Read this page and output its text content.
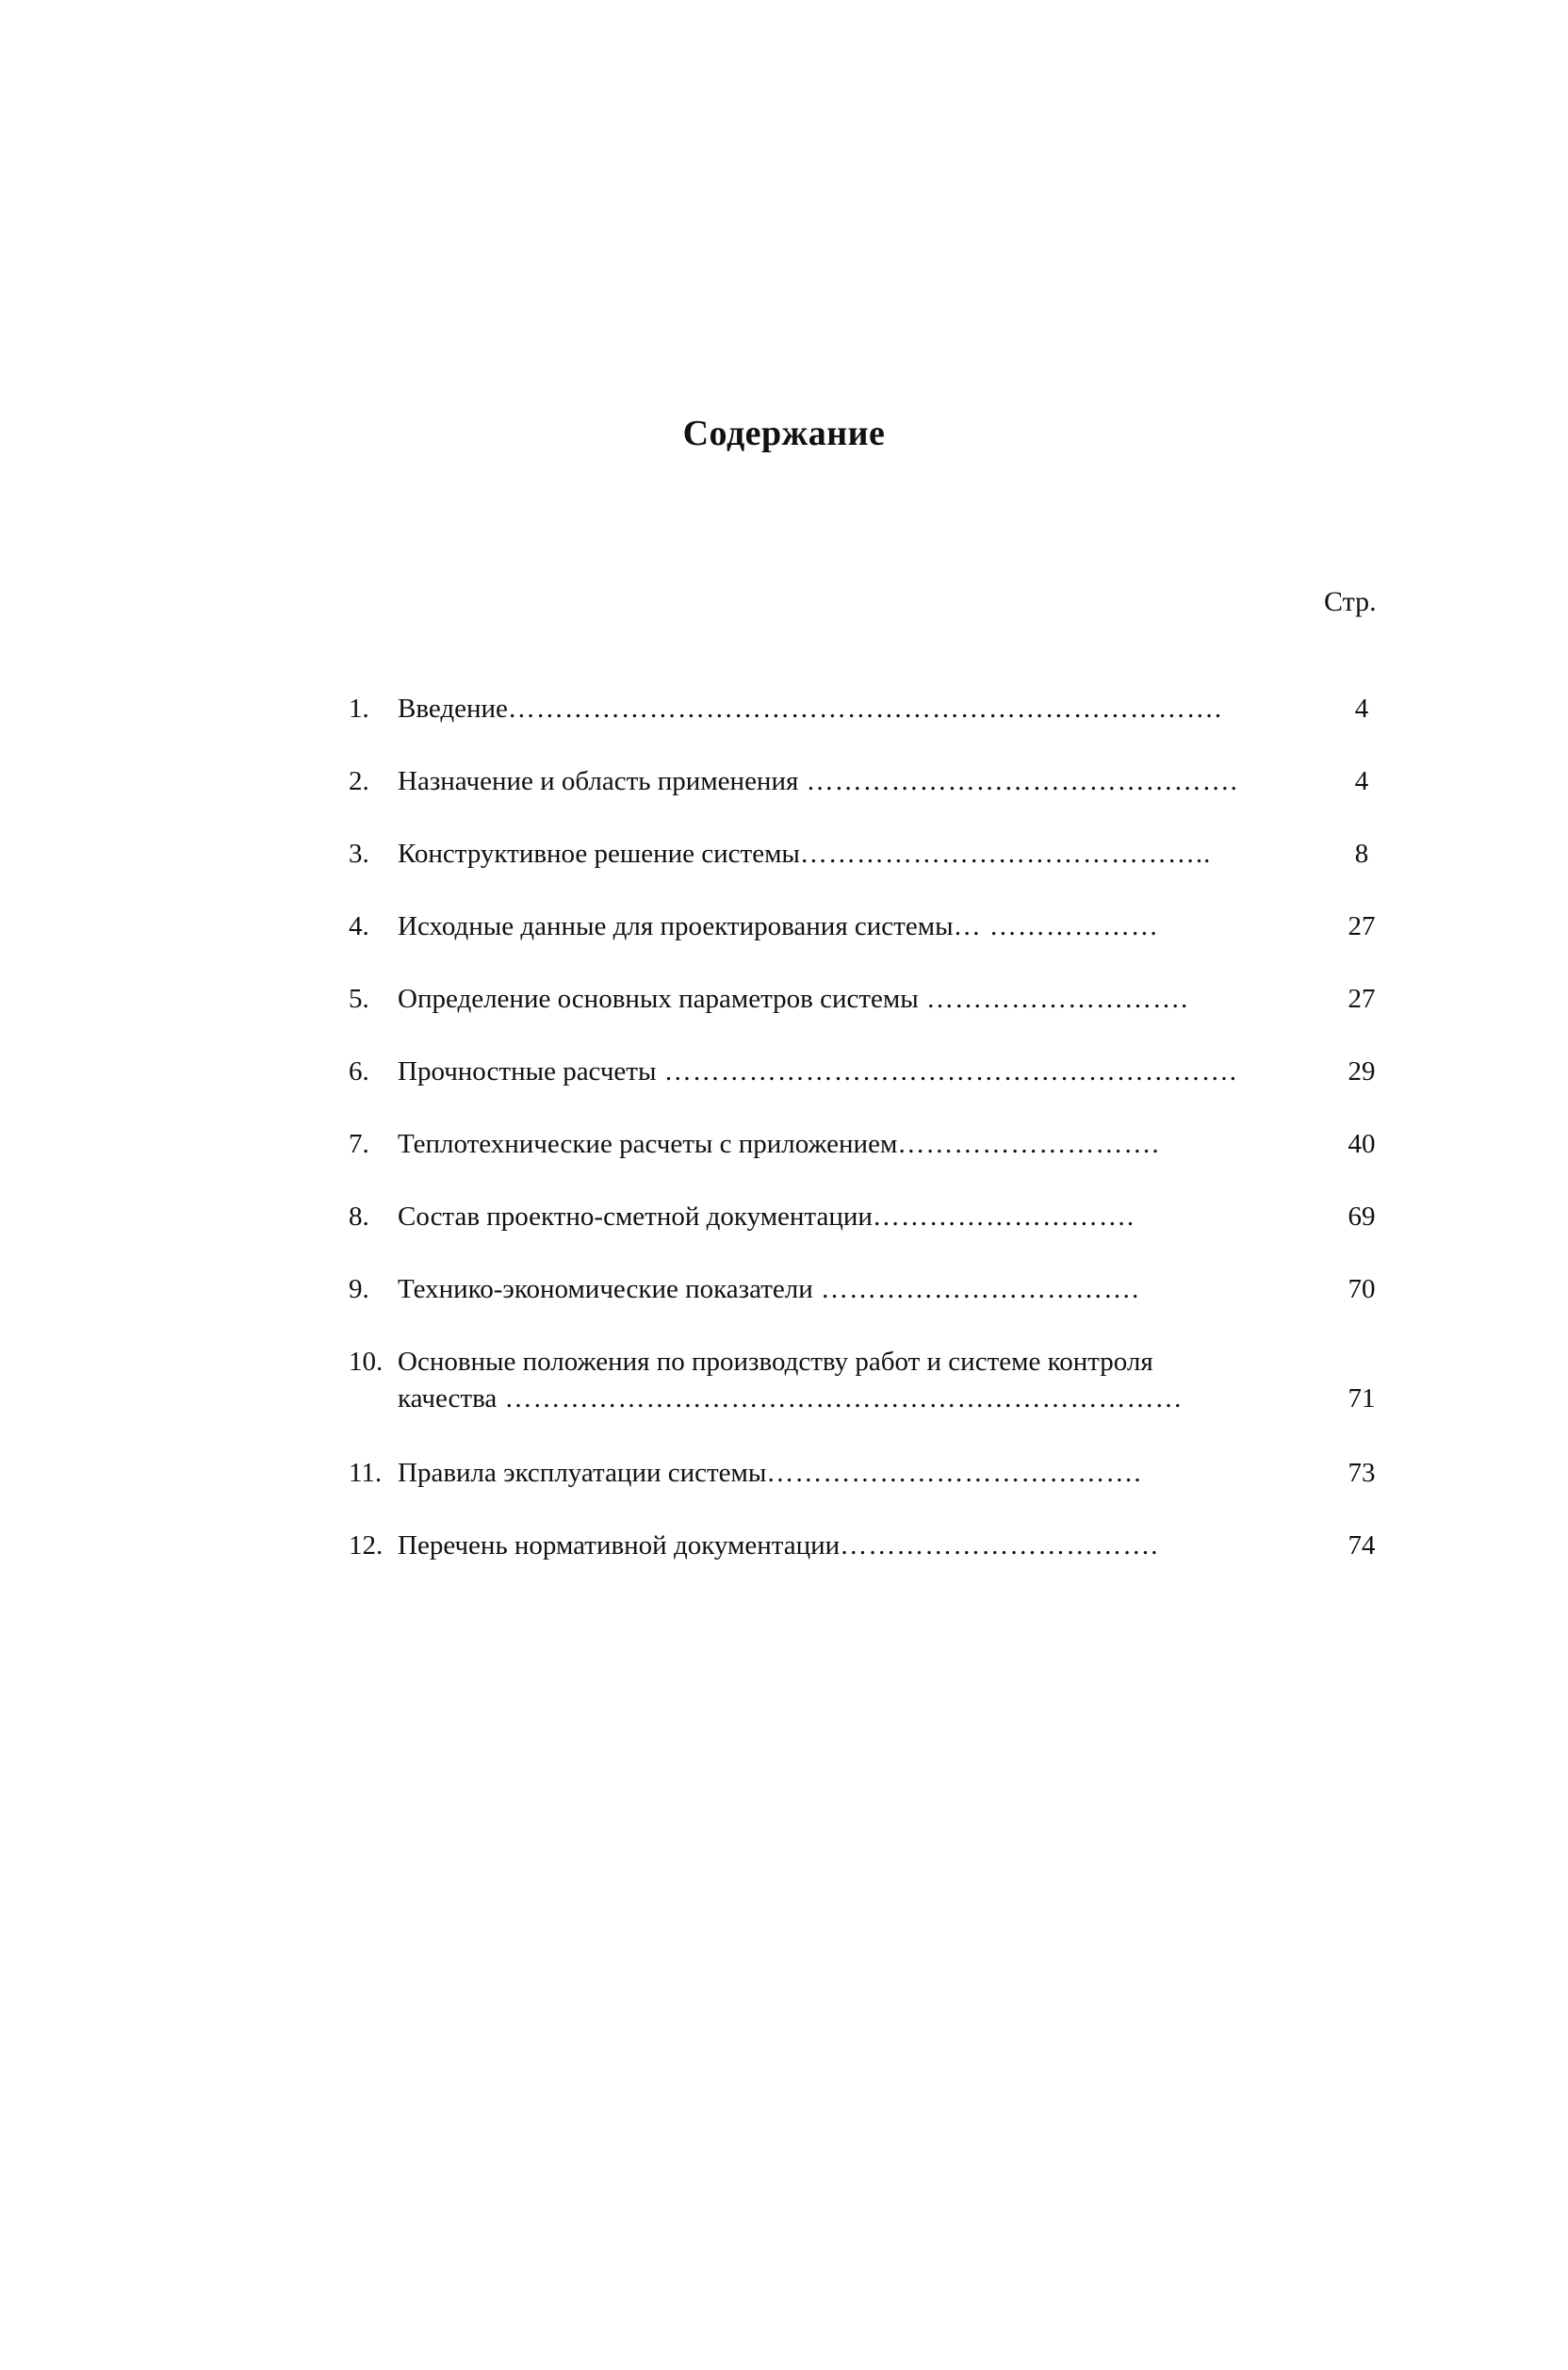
Содержание
Стр.
1.	Введение………………………………………………………………….	4
2.	Назначение и область применения ……………………………………….	4
3.	Конструктивное решение системы……………………………………..	8
4.	Исходные данные для проектирования системы… ………………	27
5.	Определение основных параметров системы ……………………….	27
6.	Прочностные расчеты …………………………………………………….	29
7.	Теплотехнические расчеты с приложением……………………….	40
8.	Состав проектно-сметной документации……………………….	69
9.	Технико-экономические показатели …………………………….	70
10. Основные положения по производству работ и системе контроля
качества ………………………………………………………………	71
11. Правила эксплуатации системы………………………………….	73
12. Перечень нормативной документации…………………………….	74
